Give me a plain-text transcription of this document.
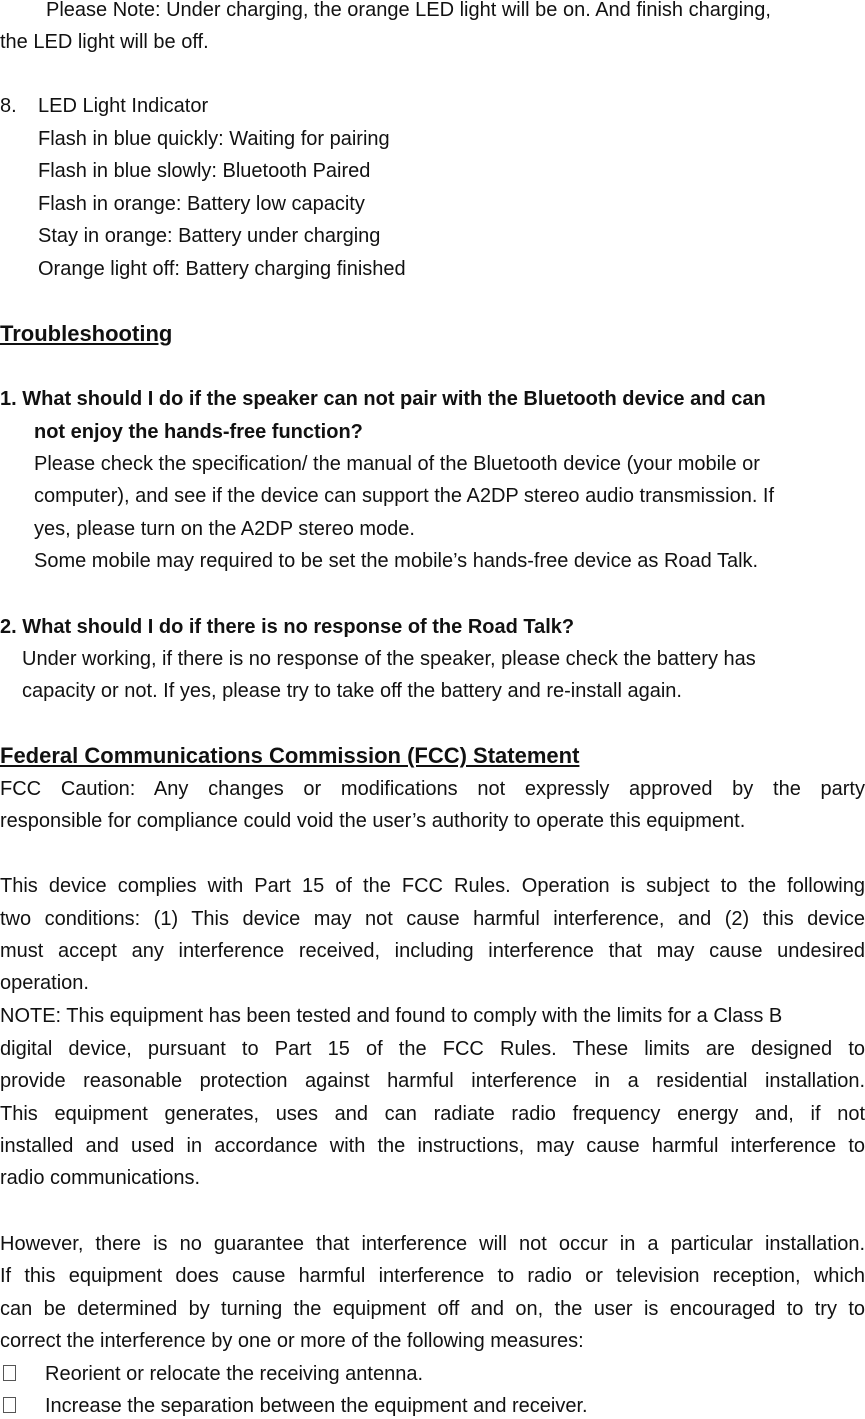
Please Note: Under charging, the orange LED light will be on. And finish charging,
the LED light will be off.
8. LED Light Indicator
Flash in blue quickly: Waiting for pairing
Flash in blue slowly: Bluetooth Paired
Flash in orange: Battery low capacity
Stay in orange: Battery under charging
Orange light off: Battery charging finished
Troubleshooting
1. What should I do if the speaker can not pair with the Bluetooth device and can
not enjoy the hands-free function?
Please check the specification/ the manual of the Bluetooth device (your mobile or
computer), and see if the device can support the A2DP stereo audio transmission. If
yes, please turn on the A2DP stereo mode.
Some mobile may required to be set the mobile’s hands-free device as Road Talk.
2. What should I do if there is no response of the Road Talk?
Under working, if there is no response of the speaker, please check the battery has
capacity or not. If yes, please try to take off the battery and re-install again.
Federal Communications Commission (FCC) Statement
FCC Caution: Any changes or modifications not expressly approved by the party
responsible for compliance could void the user’s authority to operate this equipment.
This device complies with Part 15 of the FCC Rules. Operation is subject to the following
two conditions: (1) This device may not cause harmful interference, and (2) this device
must accept any interference received, including interference that may cause undesired
operation.
NOTE: This equipment has been tested and found to comply with the limits for a Class B
digital device, pursuant to Part 15 of the FCC Rules. These limits are designed to
provide reasonable protection against harmful interference in a residential installation.
This equipment generates, uses and can radiate radio frequency energy and, if not
installed and used in accordance with the instructions, may cause harmful interference to
radio communications.
However, there is no guarantee that interference will not occur in a particular installation.
If this equipment does cause harmful interference to radio or television reception, which
can be determined by turning the equipment off and on, the user is encouraged to try to
correct the interference by one or more of the following measures:
Reorient or relocate the receiving antenna.
Increase the separation between the equipment and receiver.
